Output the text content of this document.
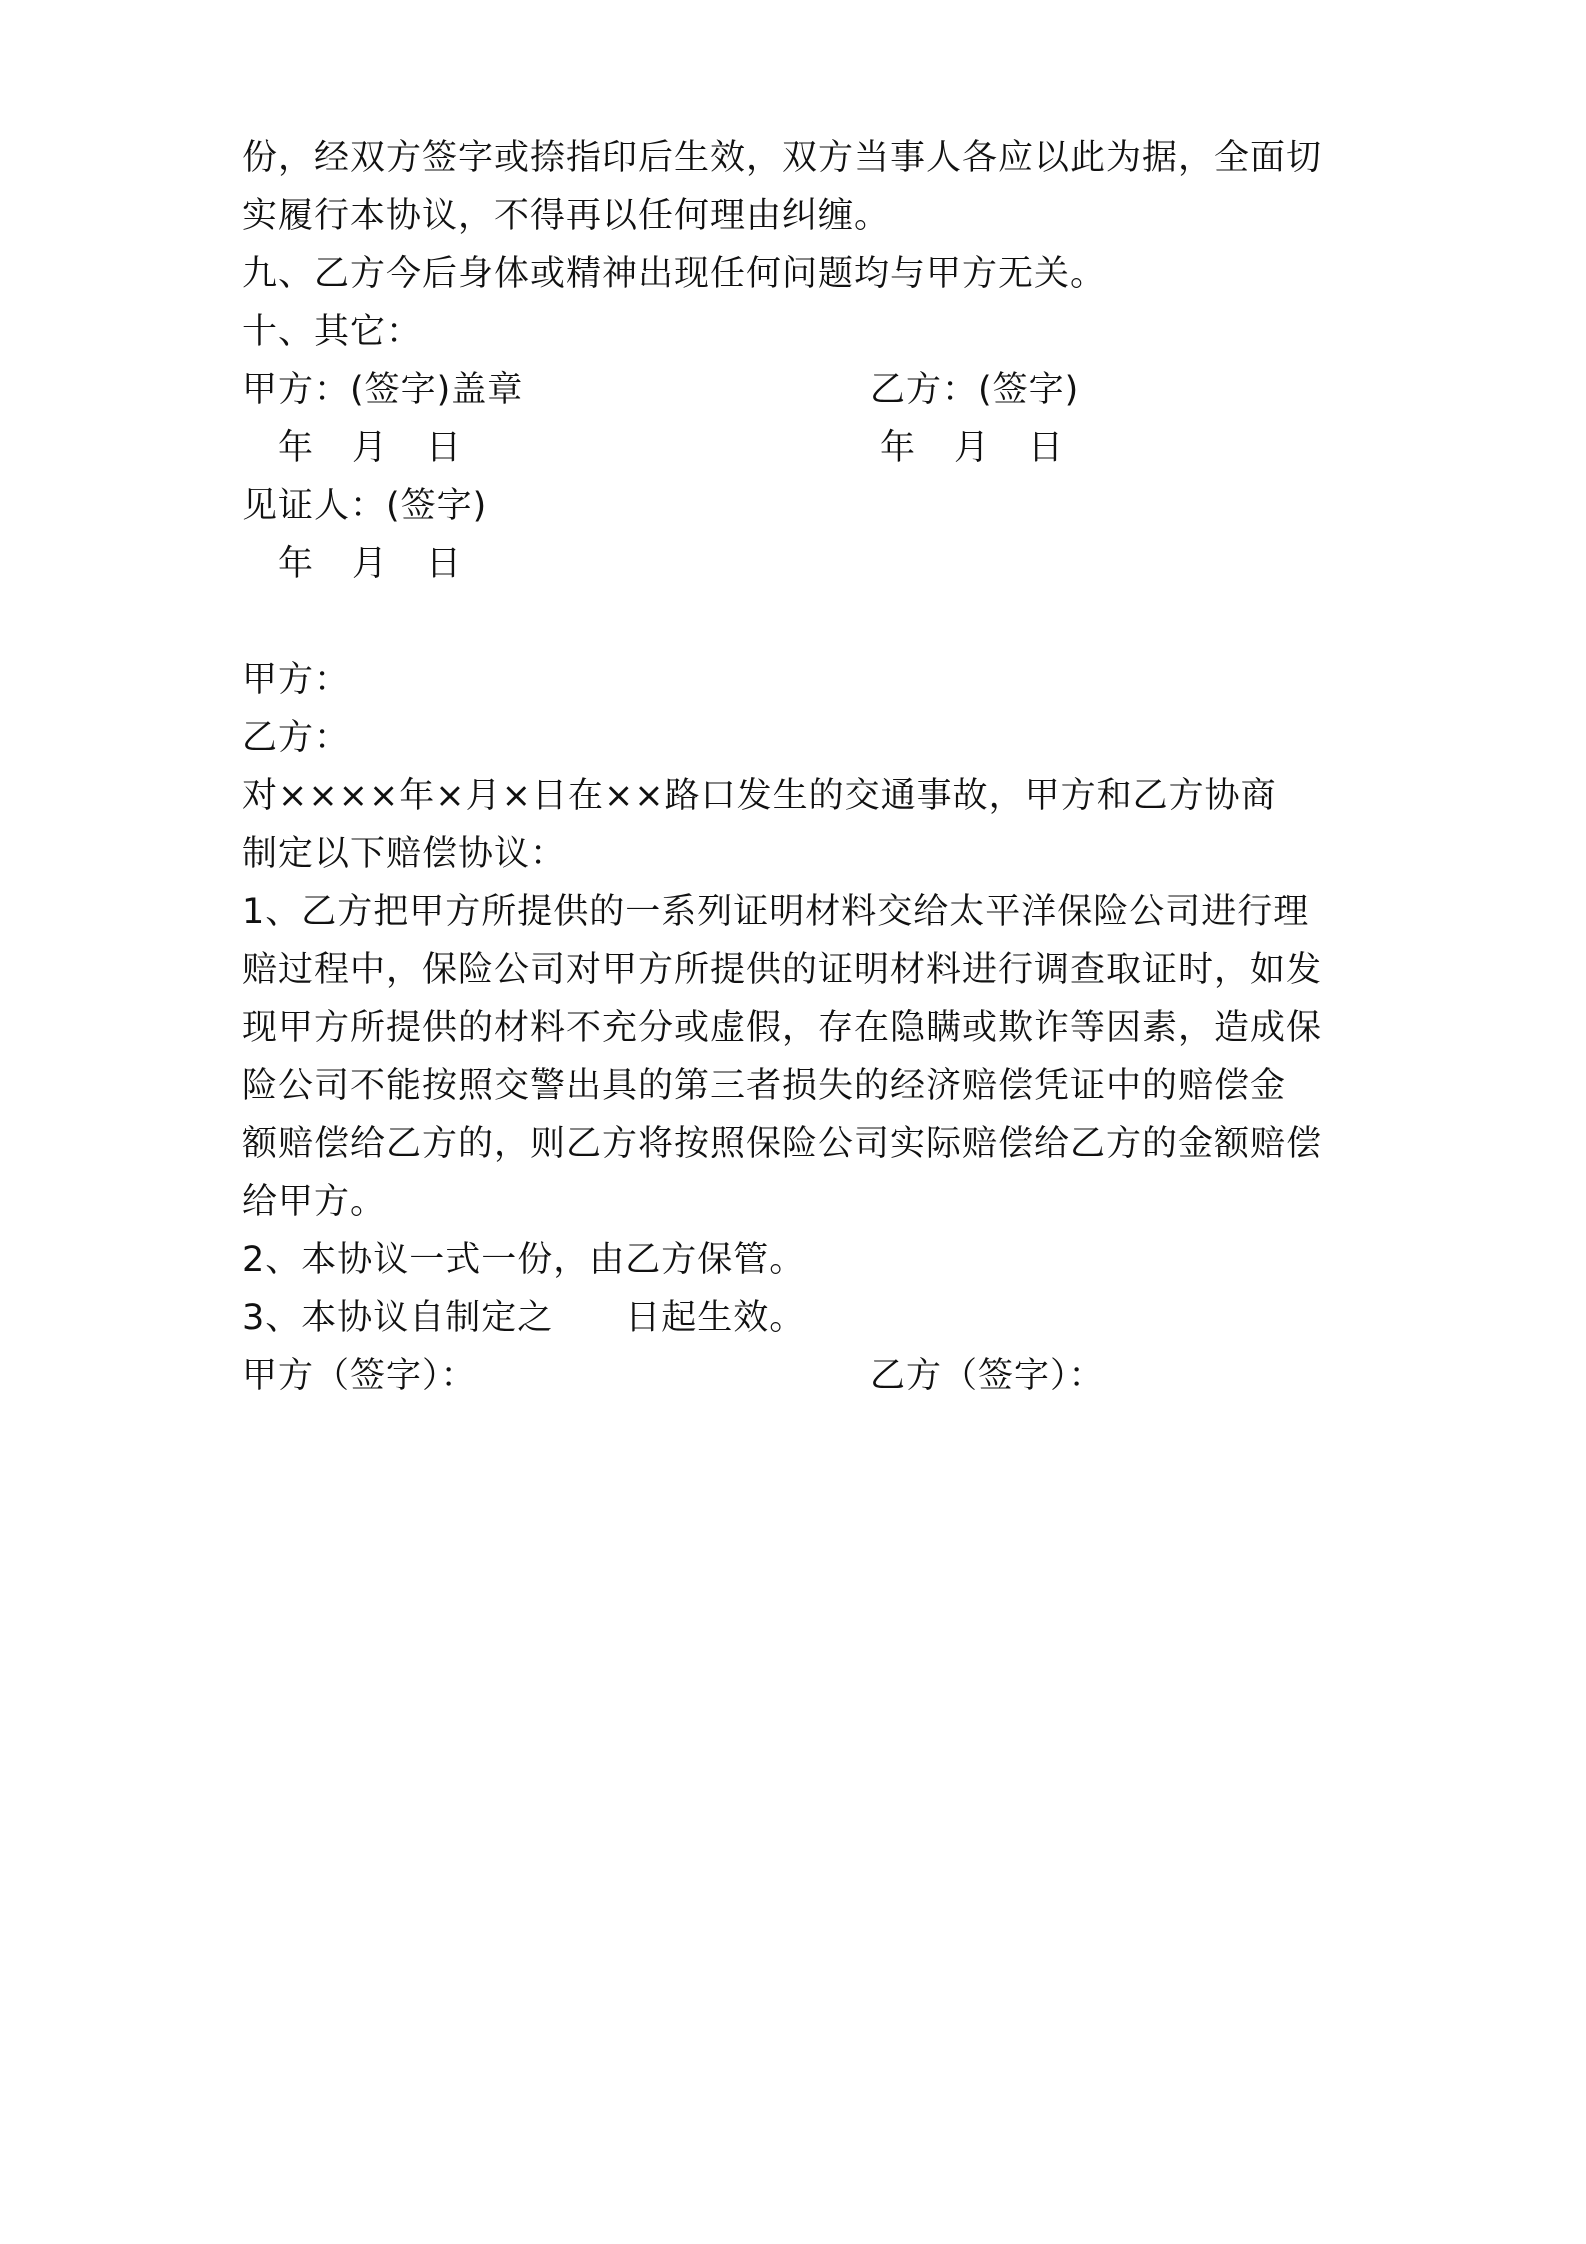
份，经双方签字或捺指印后生效，双方当事人各应以此为据，全面切
实履行本协议，不得再以任何理由纠缠。
九、乙方今后身体或精神出现任何问题均与甲方无关。
十、其它：
甲方：(签字)盖章	乙方：(签字)
年 月 日	年 月 日
见证人：(签字)
年 月 日
甲方：
乙方：
对××××年×月×日在××路口发生的交通事故，甲方和乙方协商
制定以下赔偿协议：
1、乙方把甲方所提供的一系列证明材料交给太平洋保险公司进行理
赔过程中，保险公司对甲方所提供的证明材料进行调查取证时，如发
现甲方所提供的材料不充分或虚假，存在隐瞒或欺诈等因素，造成保
险公司不能按照交警出具的第三者损失的经济赔偿凭证中的赔偿金
额赔偿给乙方的，则乙方将按照保险公司实际赔偿给乙方的金额赔偿
给甲方。
2、本协议一式一份，由乙方保管。
3、本协议自制定之　　日起生效。
甲方（签字）：	乙方（签字）：
